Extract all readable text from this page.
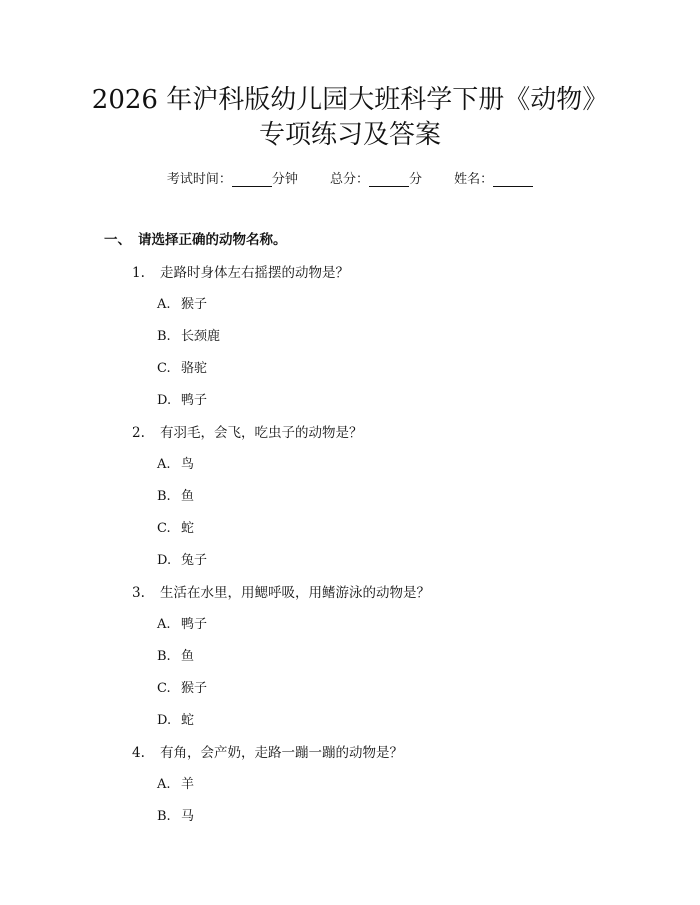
2026 年沪科版幼儿园大班科学下册《动物》
专项练习及答案
考试时间：	分钟 总分：	分 姓名：
一、 请选择正确的动物名称。
1. 走路时身体左右摇摆的动物是？
A. 猴子
B. 长颈鹿
C. 骆驼
D. 鸭子
2. 有羽毛，会飞，吃虫子的动物是？
A. 鸟
B. 鱼
C. 蛇
D. 兔子
3. 生活在水里，用鳃呼吸，用鳍游泳的动物是？
A. 鸭子
B. 鱼
C. 猴子
D. 蛇
4. 有角，会产奶，走路一蹦一蹦的动物是？
A. 羊
B. 马
